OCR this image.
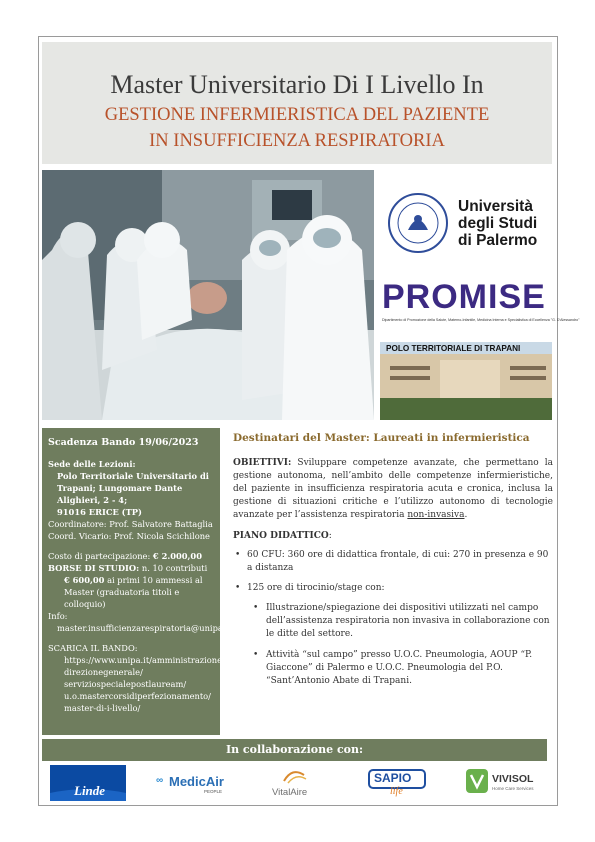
Master Universitario Di I Livello In
GESTIONE INFERMIERISTICA DEL PAZIENTE
IN INSUFFICIENZA RESPIRATORIA
Università
degli Studi
di Palermo
PROMISE
Dipartimento di Promozione della Salute, Materno-Infantile, Medicina Interna e Specialistica di Eccellenza "G. D'Alessandro"
POLO TERRITORIALE DI TRAPANI
Scadenza Bando 19/06/2023
Sede delle Lezioni:
Polo Territoriale Universitario di
Trapani; Lungomare Dante
Alighieri, 2 - 4;
91016 ERICE (TP)
Coordinatore: Prof. Salvatore Battaglia
Coord. Vicario: Prof. Nicola Scichilone
Costo di partecipazione: € 2.000,00
BORSE DI STUDIO: n. 10 contributi
€ 600,00 ai primi 10 ammessi al
Master (graduatoria titoli e colloquio)
Info:
master.insufficienzarespiratoria@unipa.it
SCARICA IL BANDO:
https://www.unipa.it/amministrazione/
direzionegenerale/
serviziospecialepostlauream/
u.o.mastercorsidiperfezionamento/
master-di-i-livello/
Destinatari del Master: Laureati in infermieristica
OBIETTIVI: Sviluppare competenze avanzate, che permettano la gestione autonoma, nell’ambito delle competenze infermieristiche, del paziente in insufficienza respiratoria acuta e cronica, inclusa la gestione di situazioni critiche e l’utilizzo autonomo di tecnologie avanzate per l’assistenza respiratoria non-invasiva.
PIANO DIDATTICO:
• 60 CFU: 360 ore di didattica frontale, di cui: 270 in presenza e 90 a distanza
• 125 ore di tirocinio/stage con:
• Illustrazione/spiegazione dei dispositivi utilizzati nel campo dell’assistenza respiratoria non invasiva in collaborazione con le ditte del settore.
• Attività “sul campo” presso U.O.C. Pneumologia, AOUP “P. Giaccone” di Palermo e U.O.C. Pneumologia del P.O. “Sant’Antonio Abate di Trapani.
In collaborazione con:
Linde
∞ MedicAir
PEOPLE	VitalAire
SAPIO
life
VIVISOL
Home Care Services
